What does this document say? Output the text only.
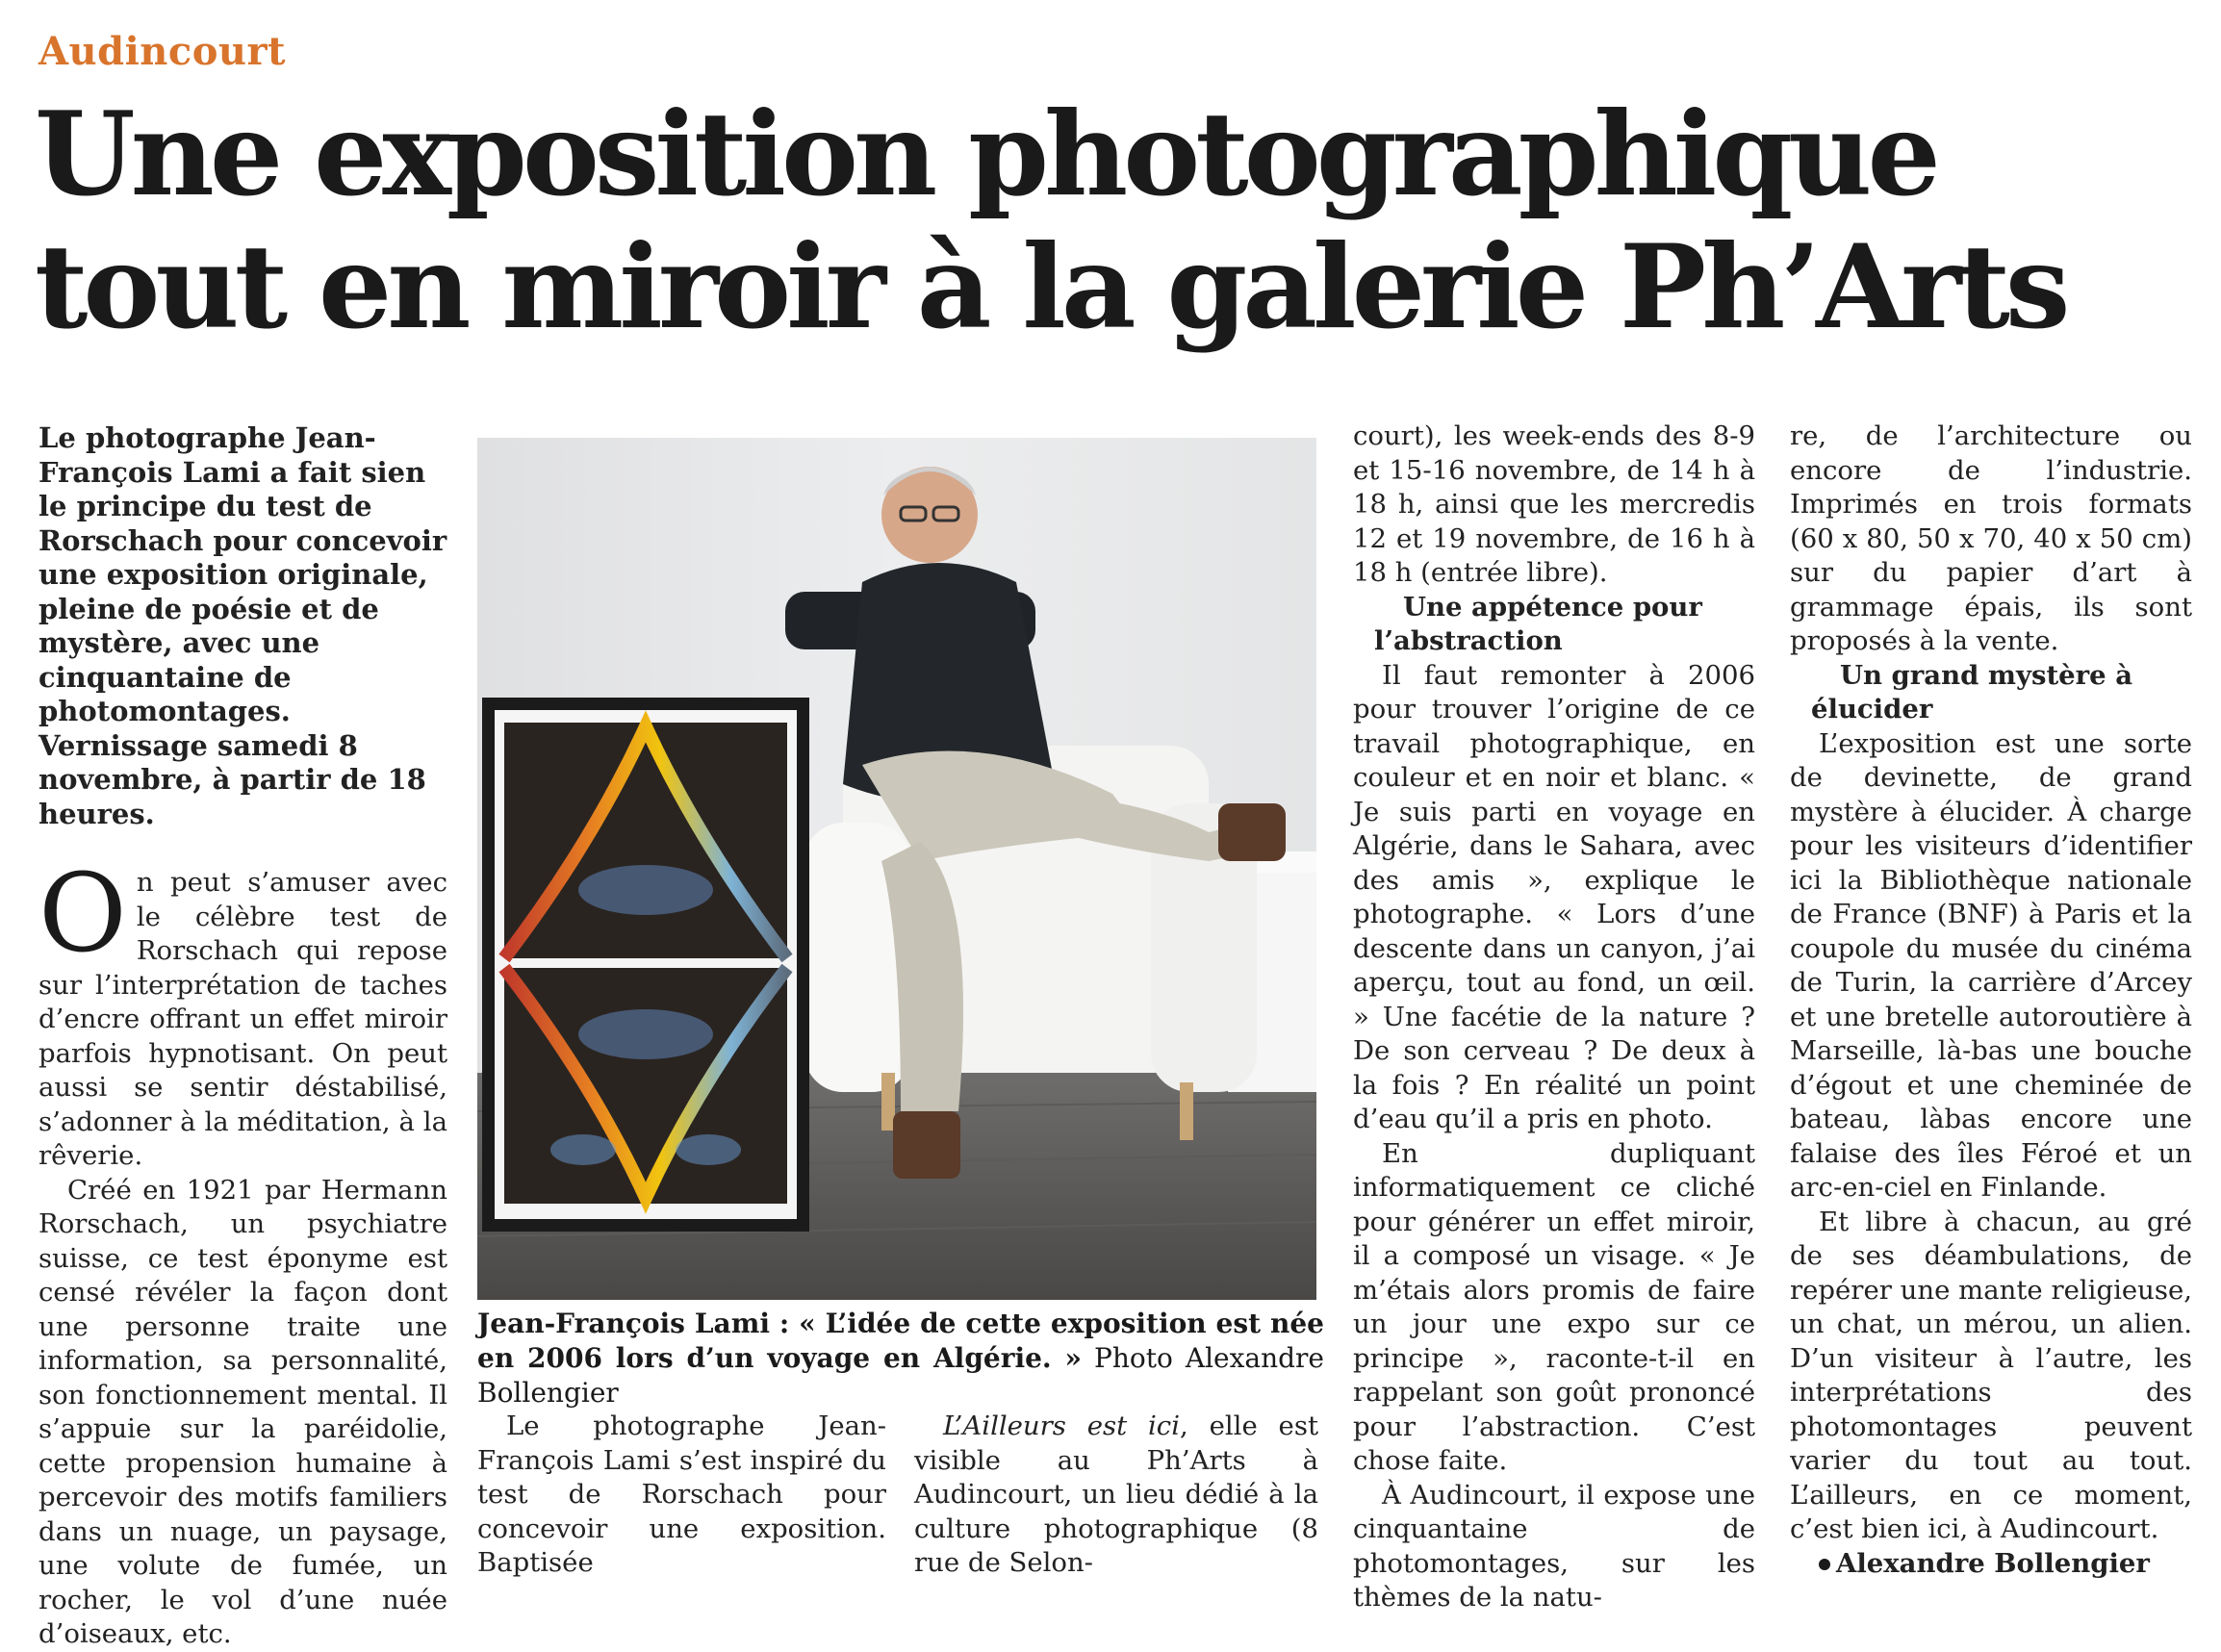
Audincourt
Une exposition photographique
tout en miroir à la galerie Ph’Arts

Le photographe Jean-François Lami a fait sien le principe du test de Rorschach pour concevoir une exposition originale, pleine de poésie et de mystère, avec une cinquantaine de photomontages. Vernissage samedi 8 novembre, à partir de 18 heures.

On peut s’amuser avec le célèbre test de Rorschach qui repose sur l’interprétation de taches d’encre offrant un effet miroir parfois hypnotisant. On peut aussi se sentir déstabilisé, s’adonner à la méditation, à la rêverie.

Créé en 1921 par Hermann Rorschach, un psychiatre suisse, ce test éponyme est censé révéler la façon dont une personne traite une information, sa personnalité, son fonctionnement mental. Il s’appuie sur la paréidolie, cette propension humaine à percevoir des motifs familiers dans un nuage, un paysage, une volute de fumée, un rocher, le vol d’une nuée d’oiseaux, etc.

Jean-François Lami : « L’idée de cette exposition est née en 2006 lors d’un voyage en Algérie. » Photo Alexandre Bollengier

Le photographe Jean-François Lami s’est inspiré du test de Rorschach pour concevoir une exposition. Baptisée

L’Ailleurs est ici, elle est visible au Ph’Arts à Audincourt, un lieu dédié à la culture photographique (8 rue de Selon-

court), les week-ends des 8-9 et 15-16 novembre, de 14 h à 18 h, ainsi que les mercredis 12 et 19 novembre, de 16 h à 18 h (entrée libre).

Une appétence pour l’abstraction

Il faut remonter à 2006 pour trouver l’origine de ce travail photographique, en couleur et en noir et blanc. « Je suis parti en voyage en Algérie, dans le Sahara, avec des amis », explique le photographe. « Lors d’une descente dans un canyon, j’ai aperçu, tout au fond, un œil. » Une facétie de la nature ? De son cerveau ? De deux à la fois ? En réalité un point d’eau qu’il a pris en photo.

En dupliquant informatiquement ce cliché pour générer un effet miroir, il a composé un visage. « Je m’étais alors promis de faire un jour une expo sur ce principe », raconte-t-il en rappelant son goût prononcé pour l’abstraction. C’est chose faite.

À Audincourt, il expose une cinquantaine de photomontages, sur les thèmes de la natu-

re, de l’architecture ou encore de l’industrie. Imprimés en trois formats (60 x 80, 50 x 70, 40 x 50 cm) sur du papier d’art à grammage épais, ils sont proposés à la vente.

Un grand mystère à élucider

L’exposition est une sorte de devinette, de grand mystère à élucider. À charge pour les visiteurs d’identifier ici la Bibliothèque nationale de France (BNF) à Paris et la coupole du musée du cinéma de Turin, la carrière d’Arcey et une bretelle autoroutière à Marseille, là-bas une bouche d’égout et une cheminée de bateau, làbas encore une falaise des îles Féroé et un arc-en-ciel en Finlande.

Et libre à chacun, au gré de ses déambulations, de repérer une mante religieuse, un chat, un mérou, un alien. D’un visiteur à l’autre, les interprétations des photomontages peuvent varier du tout au tout. L’ailleurs, en ce moment, c’est bien ici, à Audincourt.

Alexandre Bollengier
